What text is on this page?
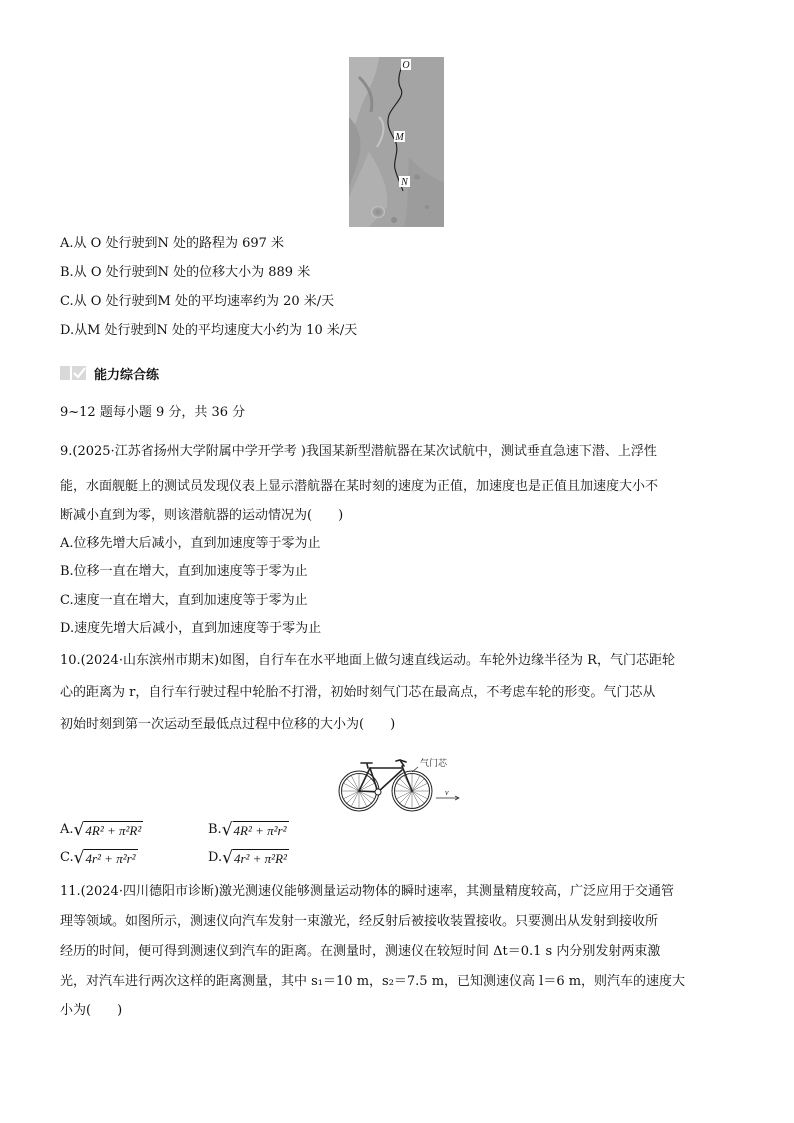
O
M
N
A.从 O 处行驶到N 处的路程为 697 米
B.从 O 处行驶到N 处的位移大小为 889 米
C.从 O 处行驶到M 处的平均速率约为 20 米/天
D.从M 处行驶到N 处的平均速度大小约为 10 米/天
能力综合练
9~12 题每小题 9 分，共 36 分
9.(2025·江苏省扬州大学附属中学开学考 )我国某新型潜航器在某次试航中，测试垂直急速下潜、上浮性
能，水面舰艇上的测试员发现仪表上显示潜航器在某时刻的速度为正值，加速度也是正值且加速度大小不
断减小直到为零，则该潜航器的运动情况为(　　)
A.位移先增大后减小，直到加速度等于零为止
B.位移一直在增大，直到加速度等于零为止
C.速度一直在增大，直到加速度等于零为止
D.速度先增大后减小，直到加速度等于零为止
10.(2024·山东滨州市期末)如图，自行车在水平地面上做匀速直线运动。车轮外边缘半径为 R，气门芯距轮
心的距离为 r，自行车行驶过程中轮胎不打滑，初始时刻气门芯在最高点，不考虑车轮的形变。气门芯从
初始时刻到第一次运动至最低点过程中位移的大小为(　　)
气门芯
v
A. √ 4R² + π²R²	B. √ 4R² + π²r²
C. √ 4r² + π²r²	D. √ 4r² + π²R²
11.(2024·四川德阳市诊断)激光测速仪能够测量运动物体的瞬时速率，其测量精度较高，广泛应用于交通管
理等领域。如图所示，测速仪向汽车发射一束激光，经反射后被接收装置接收。只要测出从发射到接收所
经历的时间，便可得到测速仪到汽车的距离。在测量时，测速仪在较短时间 Δt＝0.1 s 内分别发射两束激
光，对汽车进行两次这样的距离测量，其中 s₁＝10 m，s₂＝7.5 m，已知测速仪高 l＝6 m，则汽车的速度大
小为(　　)
